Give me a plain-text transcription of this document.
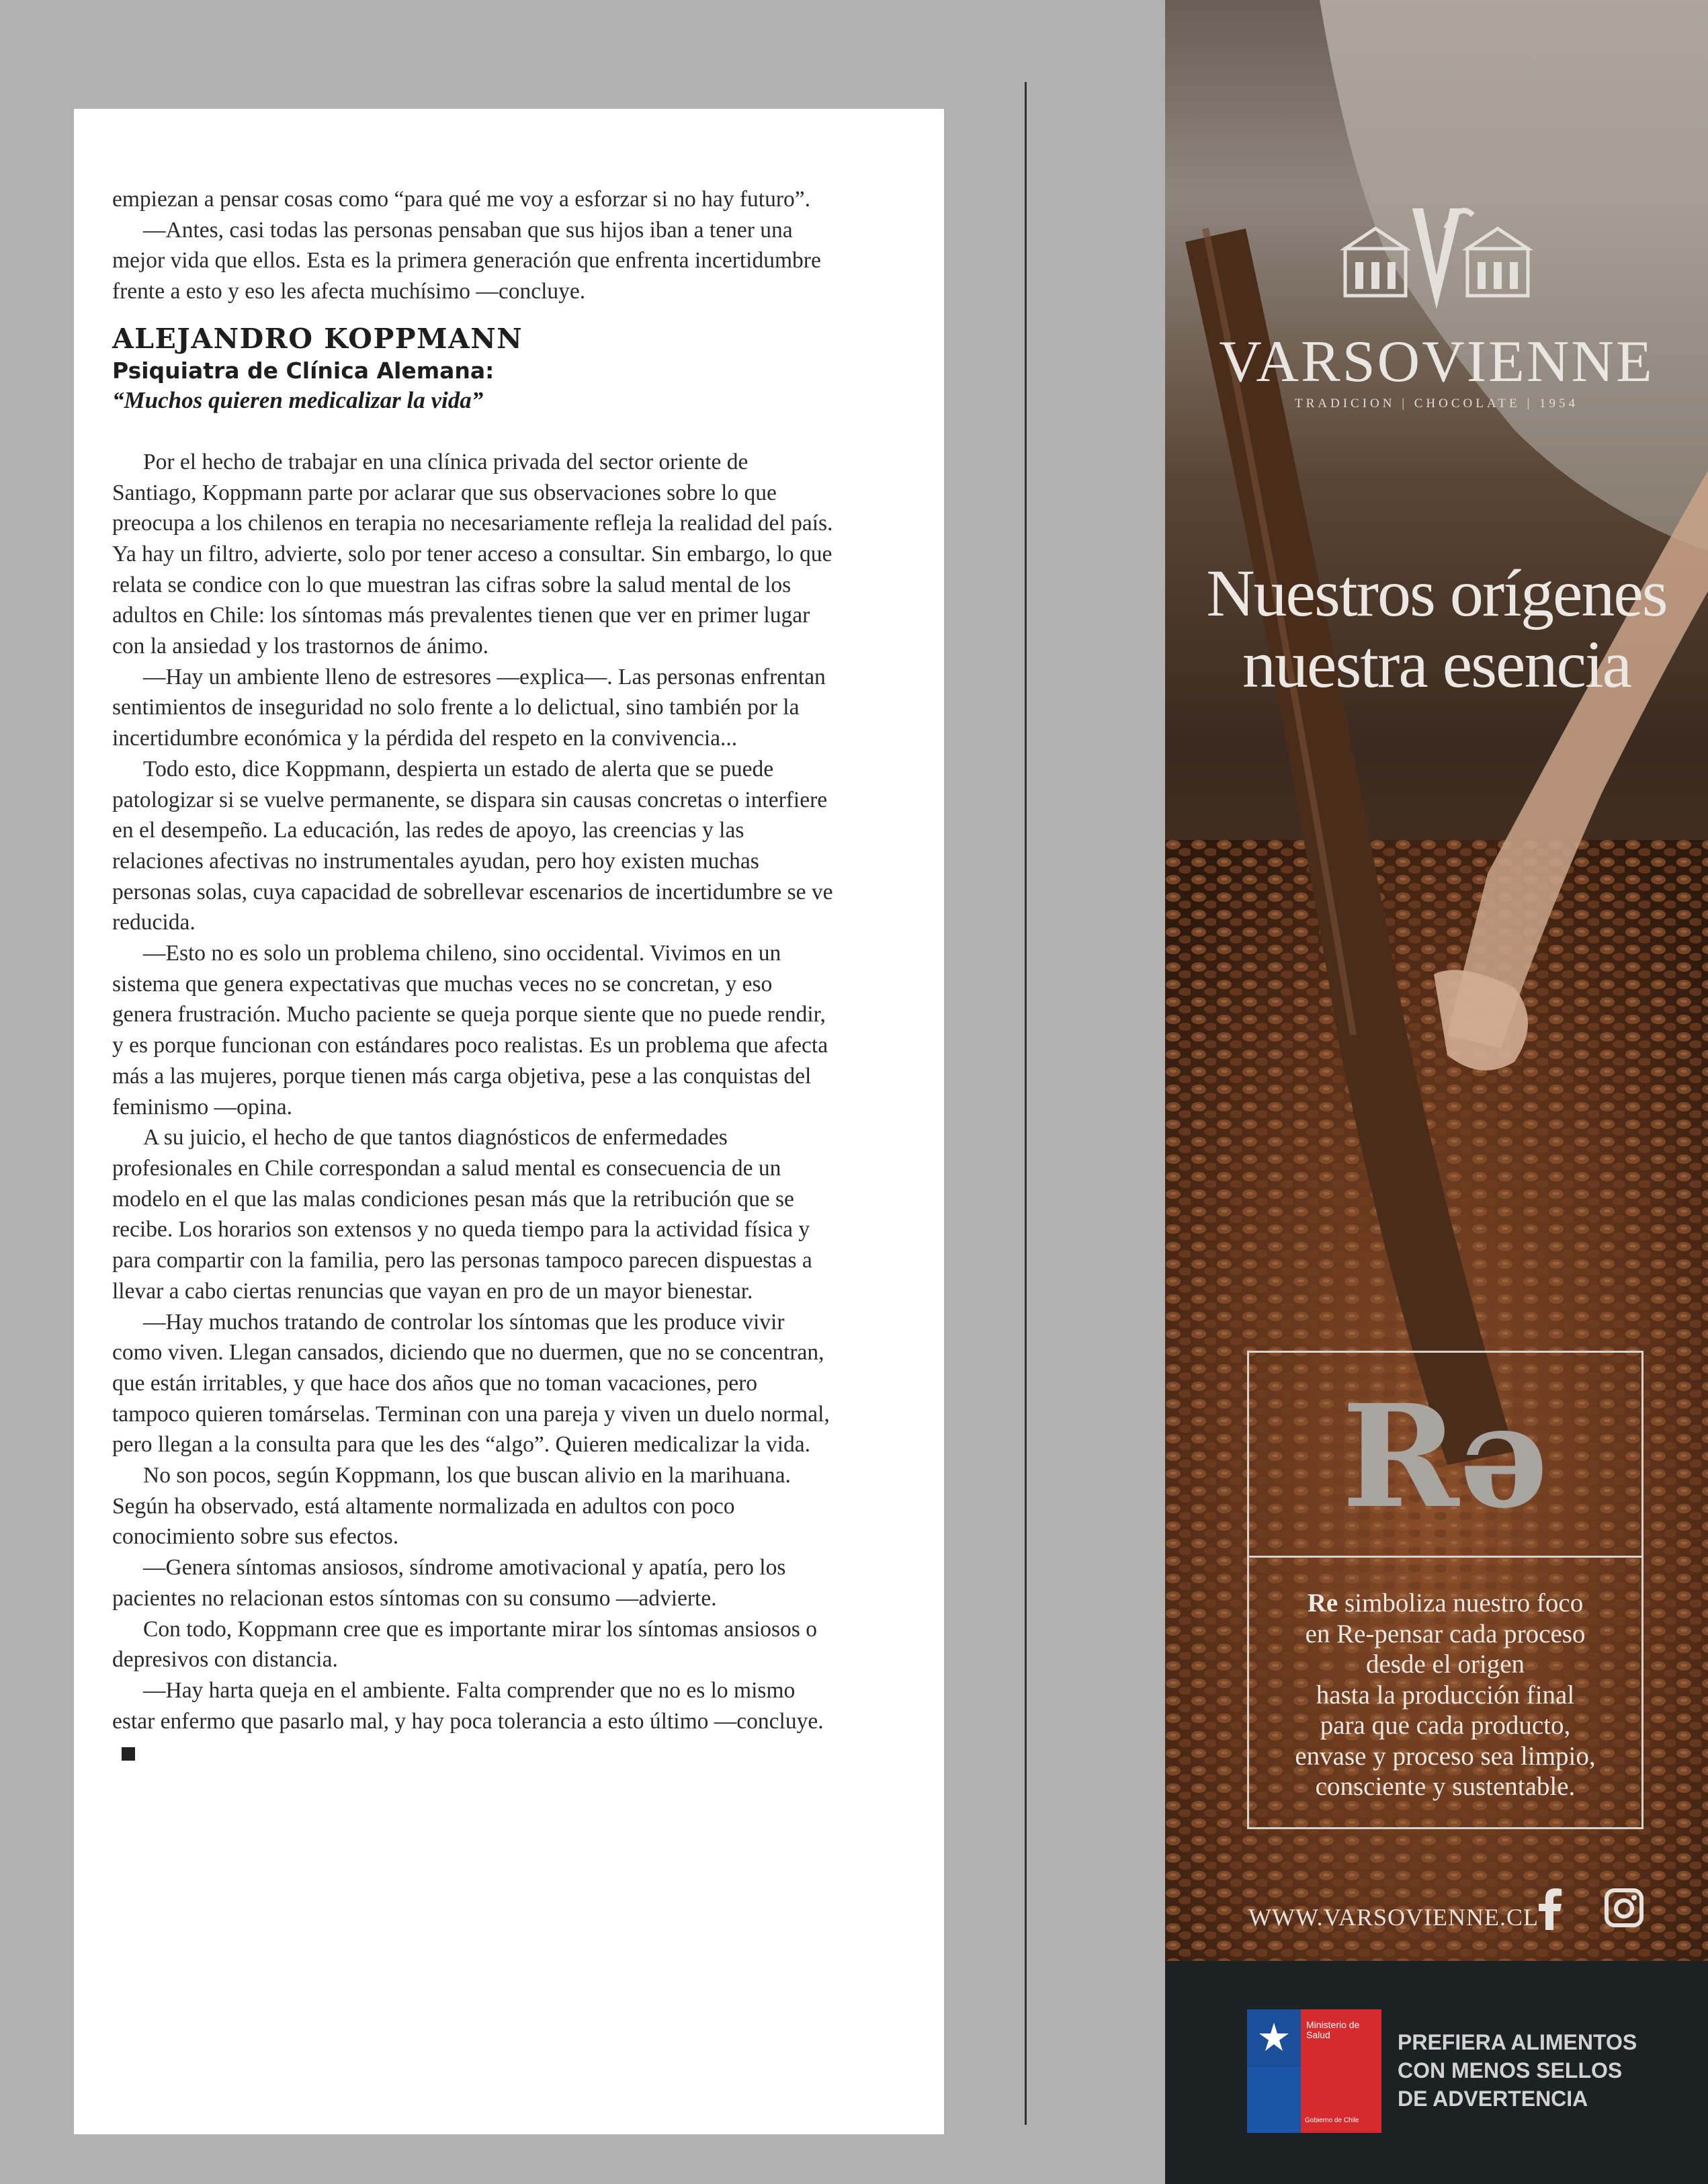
empiezan a pensar cosas como “para qué me voy a esforzar si no hay futuro”.

—Antes, casi todas las personas pensaban que sus hijos iban a tener una mejor vida que ellos. Esta es la primera generación que enfrenta incertidumbre frente a esto y eso les afecta muchísimo —concluye.

ALEJANDRO KOPPMANN
Psiquiatra de Clínica Alemana:
“Muchos quieren medicalizar la vida”

Por el hecho de trabajar en una clínica privada del sector oriente de Santiago, Koppmann parte por aclarar que sus observaciones sobre lo que preocupa a los chilenos en terapia no necesariamente refleja la realidad del país. Ya hay un filtro, advierte, solo por tener acceso a consultar. Sin embargo, lo que relata se condice con lo que muestran las cifras sobre la salud mental de los adultos en Chile: los síntomas más prevalentes tienen que ver en primer lugar con la ansiedad y los trastornos de ánimo.

—Hay un ambiente lleno de estresores —explica—. Las personas enfrentan sentimientos de inseguridad no solo frente a lo delictual, sino también por la incertidumbre económica y la pérdida del respeto en la convivencia...

Todo esto, dice Koppmann, despierta un estado de alerta que se puede patologizar si se vuelve permanente, se dispara sin causas concretas o interfiere en el desempeño. La educación, las redes de apoyo, las creencias y las relaciones afectivas no instrumentales ayudan, pero hoy existen muchas personas solas, cuya capacidad de sobrellevar escenarios de incertidumbre se ve reducida.

—Esto no es solo un problema chileno, sino occidental. Vivimos en un sistema que genera expectativas que muchas veces no se concretan, y eso genera frustración. Mucho paciente se queja porque siente que no puede rendir, y es porque funcionan con estándares poco realistas. Es un problema que afecta más a las mujeres, porque tienen más carga objetiva, pese a las conquistas del feminismo —opina.

A su juicio, el hecho de que tantos diagnósticos de enfermedades profesionales en Chile correspondan a salud mental es consecuencia de un modelo en el que las malas condiciones pesan más que la retribución que se recibe. Los horarios son extensos y no queda tiempo para la actividad física y para compartir con la familia, pero las personas tampoco parecen dispuestas a llevar a cabo ciertas renuncias que vayan en pro de un mayor bienestar.

—Hay muchos tratando de controlar los síntomas que les produce vivir como viven. Llegan cansados, diciendo que no duermen, que no se concentran, que están irritables, y que hace dos años que no toman vacaciones, pero tampoco quieren tomárselas. Terminan con una pareja y viven un duelo normal, pero llegan a la consulta para que les des “algo”. Quieren medicalizar la vida.

No son pocos, según Koppmann, los que buscan alivio en la marihuana. Según ha observado, está altamente normalizada en adultos con poco conocimiento sobre sus efectos.

—Genera síntomas ansiosos, síndrome amotivacional y apatía, pero los pacientes no relacionan estos síntomas con su consumo —advierte.

Con todo, Koppmann cree que es importante mirar los síntomas ansiosos o depresivos con distancia.

—Hay harta queja en el ambiente. Falta comprender que no es lo mismo estar enfermo que pasarlo mal, y hay poca tolerancia a esto último —concluye.

VARSOVIENNE
TRADICION | CHOCOLATE | 1954
Nuestros orígenes
nuestra esencia
Rə
Re simboliza nuestro foco
en Re-pensar cada proceso
desde el origen
hasta la producción final
para que cada producto,
envase y proceso sea limpio,
consciente y sustentable.
WWW.VARSOVIENNE.CL
Ministerio de Salud
Gobierno de Chile
PREFIERA ALIMENTOS
CON MENOS SELLOS
DE ADVERTENCIA
